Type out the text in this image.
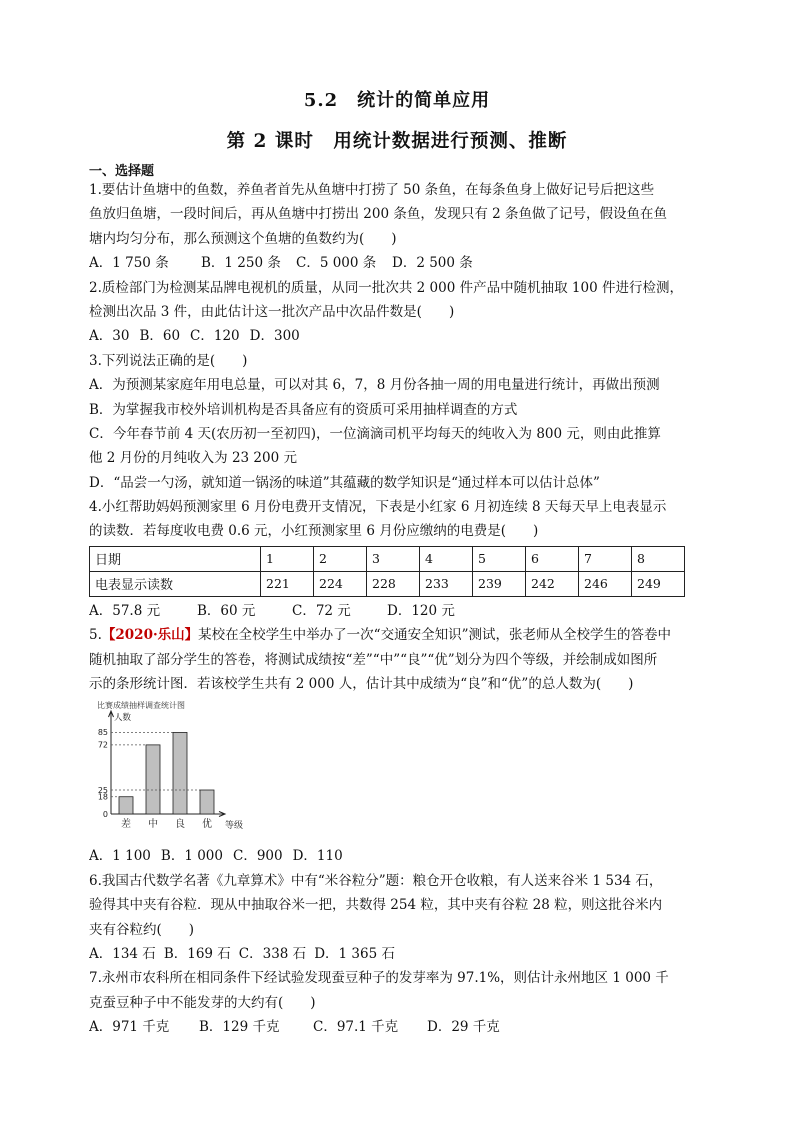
5.2　统计的简单应用
第 2 课时　用统计数据进行预测、推断
一、选择题
1.要估计鱼塘中的鱼数，养鱼者首先从鱼塘中打捞了 50 条鱼，在每条鱼身上做好记号后把这些
鱼放归鱼塘，一段时间后，再从鱼塘中打捞出 200 条鱼，发现只有 2 条鱼做了记号，假设鱼在鱼
塘内均匀分布，那么预测这个鱼塘的鱼数约为(　　)
A．1 750 条 B．1 250 条 C．5 000 条 D．2 500 条
2.质检部门为检测某品牌电视机的质量，从同一批次共 2 000 件产品中随机抽取 100 件进行检测，
检测出次品 3 件，由此估计这一批次产品中次品件数是(　　)
A．30 B．60 C．120 D．300
3.下列说法正确的是(　　)
A．为预测某家庭年用电总量，可以对其 6，7，8 月份各抽一周的用电量进行统计，再做出预测
B．为掌握我市校外培训机构是否具备应有的资质可采用抽样调查的方式
C．今年春节前 4 天(农历初一至初四)，一位滴滴司机平均每天的纯收入为 800 元，则由此推算
他 2 月份的月纯收入为 23 200 元
D．“品尝一勺汤，就知道一锅汤的味道”其蕴藏的数学知识是“通过样本可以估计总体”
4.小红帮助妈妈预测家里 6 月份电费开支情况，下表是小红家 6 月初连续 8 天每天早上电表显示
的读数．若每度收电费 0.6 元，小红预测家里 6 月份应缴纳的电费是(　　)
日期	1	2	3	4	5	6	7	8
电表显示读数	221	224	228	233	239	242	246	249
A．57.8 元	B．60 元	C．72 元	D．120 元
5.【2020·乐山】某校在全校学生中举办了一次“交通安全知识”测试，张老师从全校学生的答卷中
随机抽取了部分学生的答卷，将测试成绩按“差”“中”“良”“优”划分为四个等级，并绘制成如图所
示的条形统计图．若该校学生共有 2 000 人，估计其中成绩为“良”和“优”的总人数为(　　)
比赛成绩抽样调查统计图
人数
等级
差 中 良 优
0
18
25
72
85
A．1 100 B．1 000 C．900 D．110
6.我国古代数学名著《九章算术》中有“米谷粒分”题：粮仓开仓收粮，有人送来谷米 1 534 石，
验得其中夹有谷粒．现从中抽取谷米一把，共数得 254 粒，其中夹有谷粒 28 粒，则这批谷米内
夹有谷粒约(　　)
A．134 石 B．169 石 C．338 石 D．1 365 石
7.永州市农科所在相同条件下经试验发现蚕豆种子的发芽率为 97.1%，则估计永州地区 1 000 千
克蚕豆种子中不能发芽的大约有(　　)
A．971 千克 B．129 千克 C．97.1 千克 D．29 千克
